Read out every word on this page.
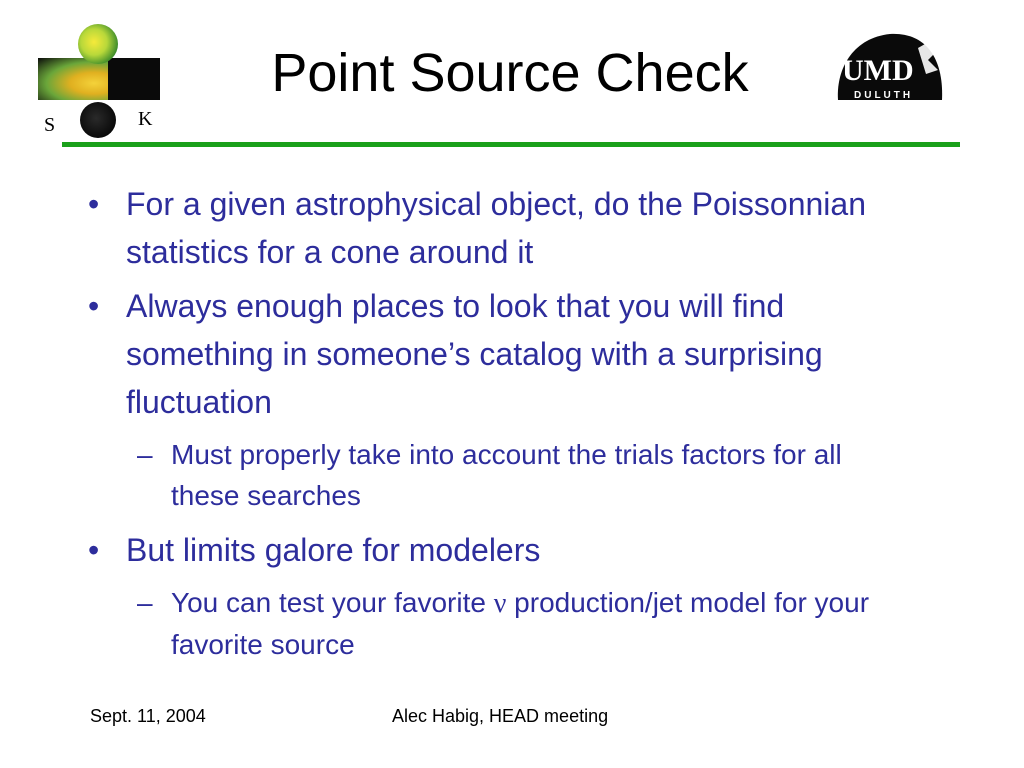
S	K
Point Source Check	UMD
DULUTH
• For a given astrophysical object, do the Poissonnian statistics for a cone around it
• Always enough places to look that you will find something in someone’s catalog with a surprising fluctuation
– Must properly take into account the trials factors for all these searches
• But limits galore for modelers
– You can test your favorite ν production/jet model for your favorite source
Sept. 11, 2004	Alec Habig, HEAD meeting
